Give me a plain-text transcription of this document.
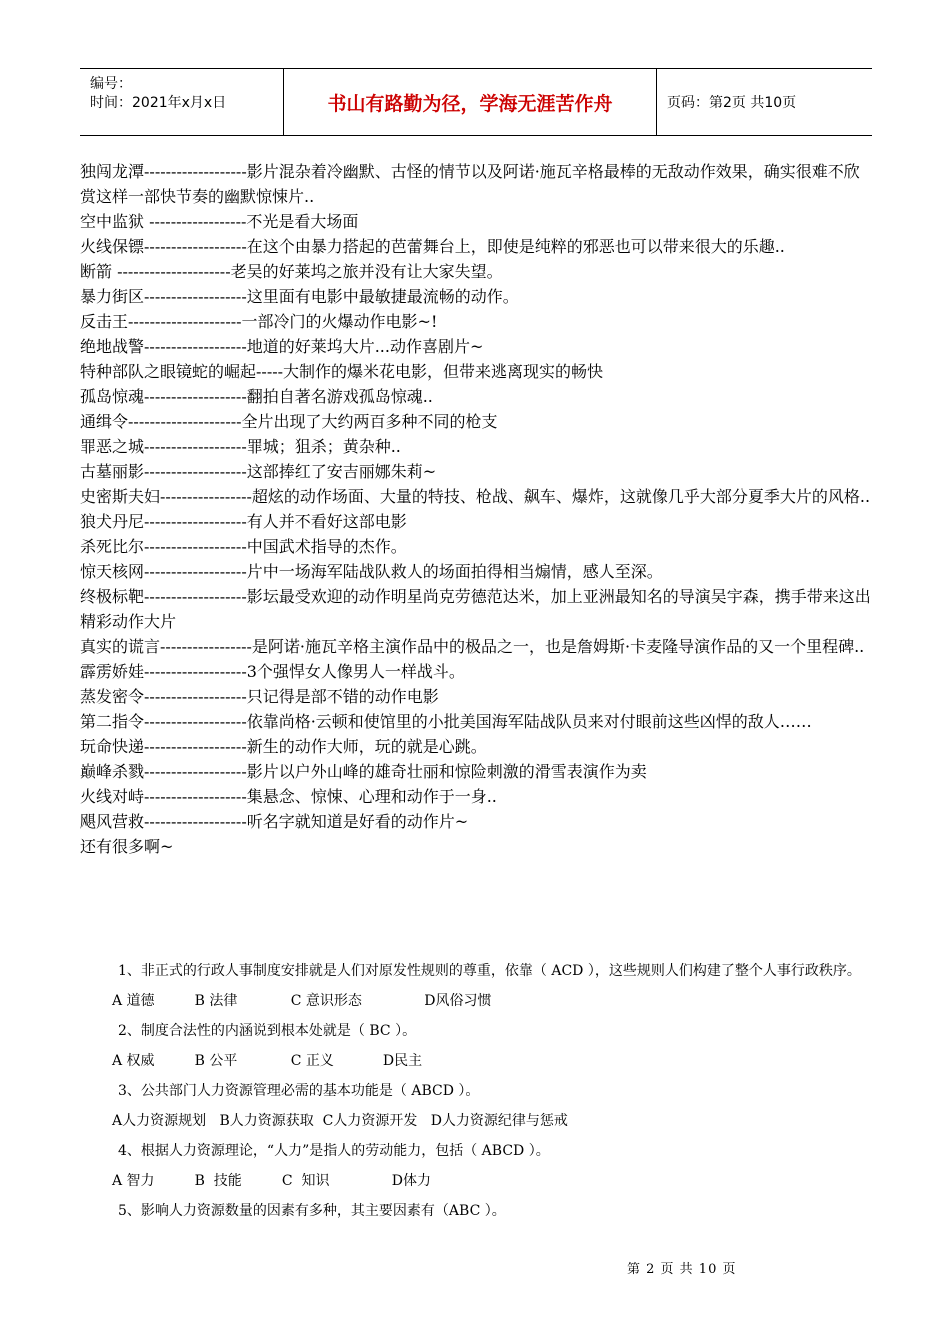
编号：
时间：2021年x月x日	书山有路勤为径，学海无涯苦作舟	页码：第2页 共10页

独闯龙潭-------------------影片混杂着冷幽默、古怪的情节以及阿诺·施瓦辛格最棒的无敌动作效果，确实很难不欣赏这样一部快节奏的幽默惊悚片..

空中监狱 ------------------不光是看大场面

火线保镖-------------------在这个由暴力搭起的芭蕾舞台上，即使是纯粹的邪恶也可以带来很大的乐趣..

断箭 ---------------------老吴的好莱坞之旅并没有让大家失望。

暴力街区-------------------这里面有电影中最敏捷最流畅的动作。

反击王---------------------一部冷门的火爆动作电影~!

绝地战警-------------------地道的好莱坞大片...动作喜剧片~

特种部队之眼镜蛇的崛起-----大制作的爆米花电影，但带来逃离现实的畅快

孤岛惊魂-------------------翻拍自著名游戏孤岛惊魂..

通缉令---------------------全片出现了大约两百多种不同的枪支

罪恶之城-------------------罪城；狙杀；黄杂种..

古墓丽影-------------------这部捧红了安吉丽娜朱莉~

史密斯夫妇-----------------超炫的动作场面、大量的特技、枪战、飙车、爆炸，这就像几乎大部分夏季大片的风格..

狼犬丹尼-------------------有人并不看好这部电影

杀死比尔-------------------中国武术指导的杰作。

惊天核网-------------------片中一场海军陆战队救人的场面拍得相当煽情，感人至深。

终极标靶-------------------影坛最受欢迎的动作明星尚克劳德范达米，加上亚洲最知名的导演吴宇森，携手带来这出精彩动作大片

真实的谎言-----------------是阿诺·施瓦辛格主演作品中的极品之一，也是詹姆斯·卡麦隆导演作品的又一个里程碑..

霹雳娇娃-------------------3个强悍女人像男人一样战斗。

蒸发密令-------------------只记得是部不错的动作电影

第二指令-------------------依靠尚格·云顿和使馆里的小批美国海军陆战队员来对付眼前这些凶悍的敌人……

玩命快递-------------------新生的动作大师，玩的就是心跳。

巅峰杀戮-------------------影片以户外山峰的雄奇壮丽和惊险刺激的滑雪表演作为卖

火线对峙-------------------集悬念、惊悚、心理和动作于一身..

飓风营救-------------------听名字就知道是好看的动作片~

还有很多啊~

1、非正式的行政人事制度安排就是人们对原发性规则的尊重，依靠（ ACD ），这些规则人们构建了整个人事行政秩序。

A 道德         B 法律            C 意识形态              D风俗习惯

2、制度合法性的内涵说到根本处就是（ BC ）。

A 权威         B 公平            C 正义           D民主

3、公共部门人力资源管理必需的基本功能是（ ABCD ）。

A人力资源规划   B人力资源获取  C人力资源开发   D人力资源纪律与惩戒

4、根据人力资源理论，“人力”是指人的劳动能力，包括（ ABCD ）。

A 智力         B  技能         C  知识              D体力

5、影响人力资源数量的因素有多种，其主要因素有（ABC ）。

第 2 页 共 10 页
